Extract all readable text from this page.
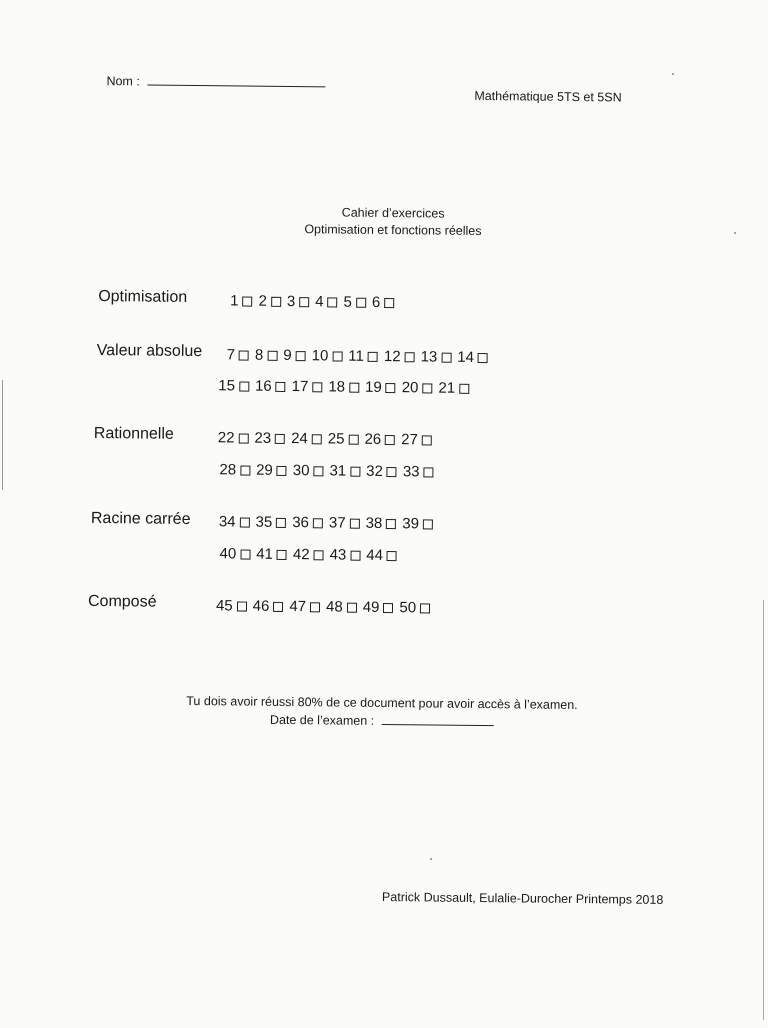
Nom :
Mathématique 5TS et 5SN
Cahier d’exercices
Optimisation et fonctions réelles
Optimisation	1 2 3 4 5 6
Valeur absolue 7 8 9 10 11 12 13 14
15 16 17 18 19 20 21
Rationnelle	22 23 24 25 26 27
28 29 30 31 32 33
Racine carrée 34 35 36 37 38 39
40 41 42 43 44
Composé	45 46 47 48 49 50
Tu dois avoir réussi 80% de ce document pour avoir accès à l’examen.
Date de l’examen :
Patrick Dussault, Eulalie-Durocher Printemps 2018
